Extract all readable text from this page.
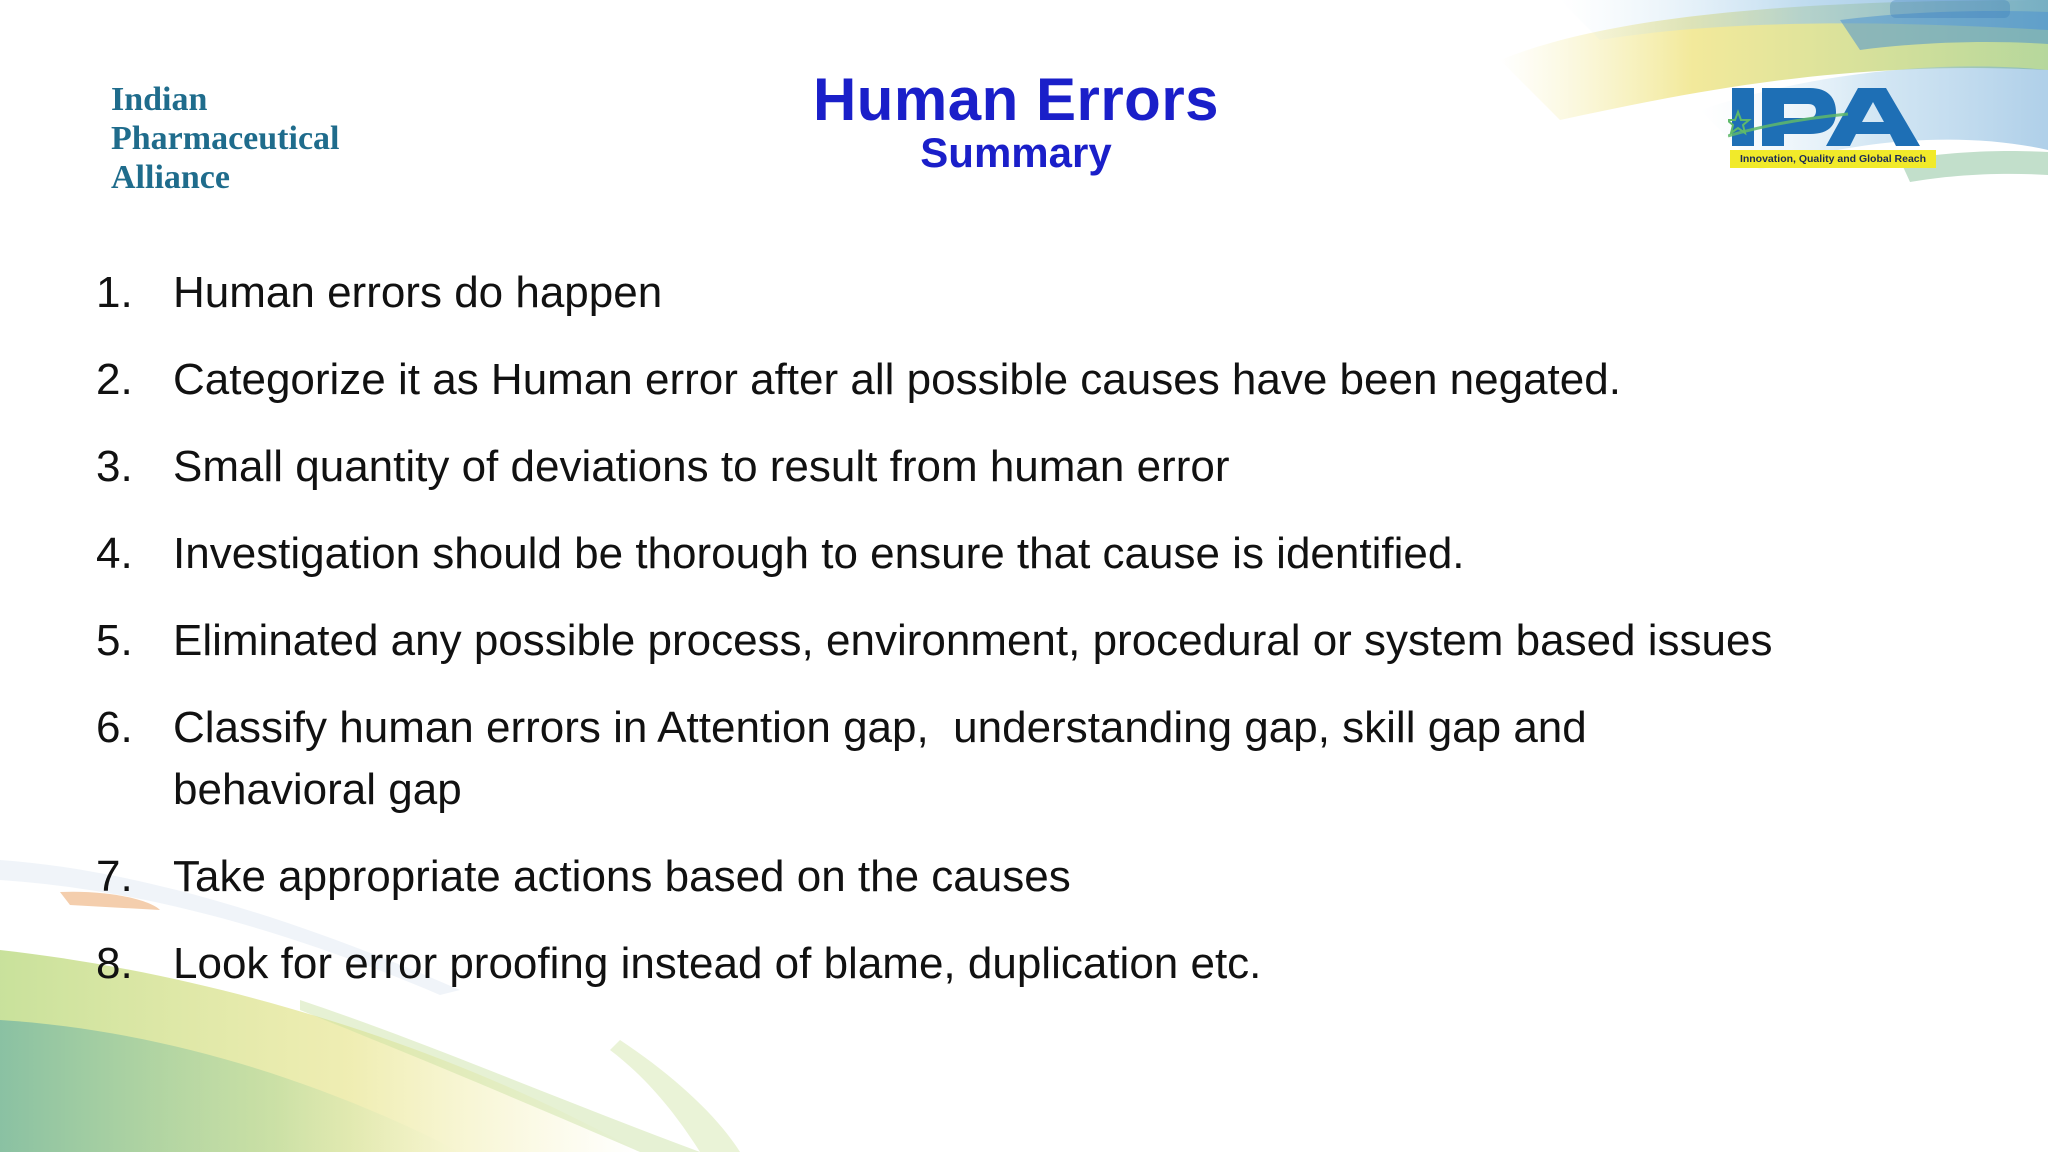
Indian
Pharmaceutical
Alliance
Human Errors
Summary	Innovation, Quality and Global Reach
1. Human errors do happen
2. Categorize it as Human error after all possible causes have been negated.
3. Small quantity of deviations to result from human error
4. Investigation should be thorough to ensure that cause is identified.
5. Eliminated any possible process, environment, procedural or system based issues
6. Classify human errors in Attention gap,  understanding gap, skill gap and behavioral gap
7. Take appropriate actions based on the causes
8. Look for error proofing instead of blame, duplication etc.
